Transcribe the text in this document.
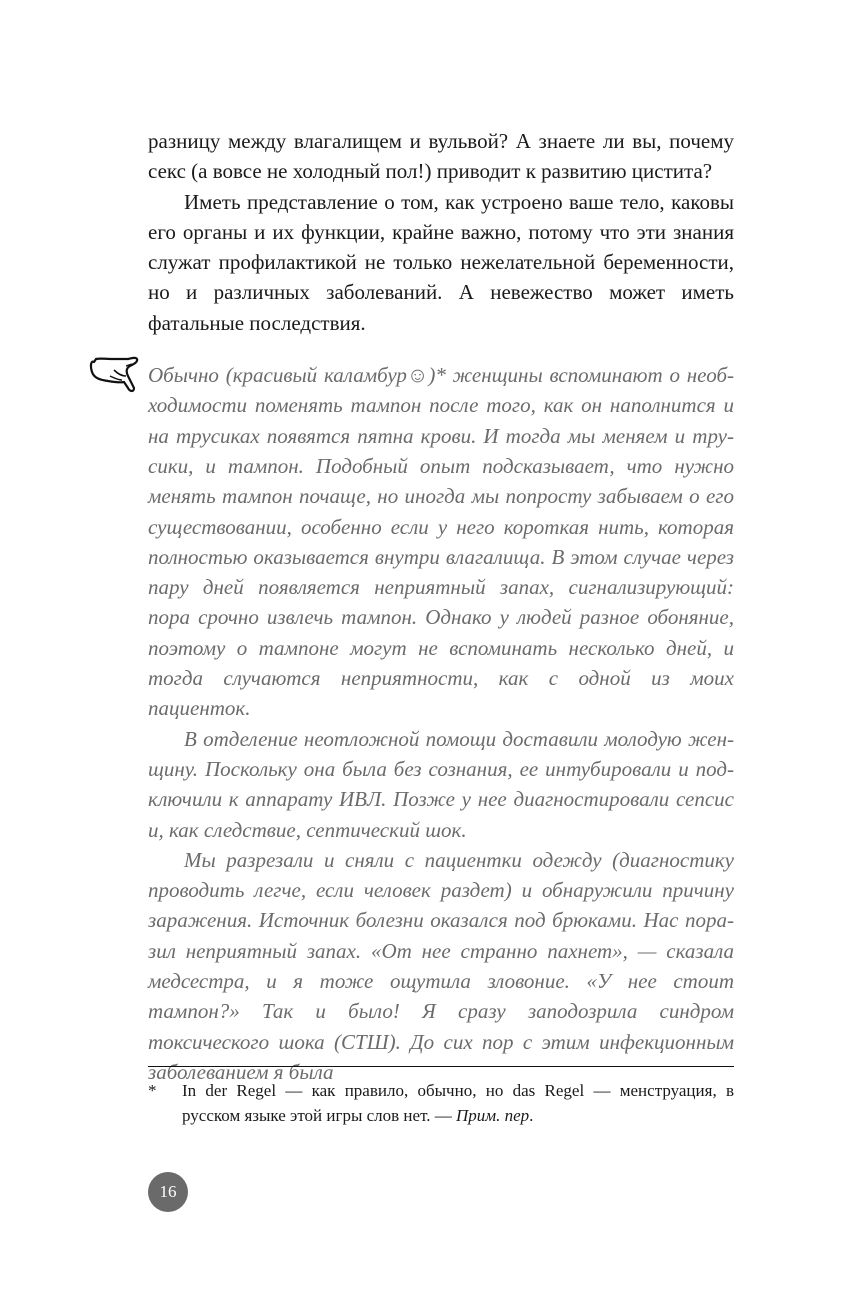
разницу между влагалищем и вульвой? А знаете ли вы, почему секс (а вовсе не холодный пол!) приводит к развитию цистита?

Иметь представление о том, как устроено ваше тело, каковы его органы и их функции, крайне важно, потому что эти знания служат профилактикой не только нежелательной беременности, но и различных заболеваний. А невежество может иметь фатальные последствия.

Обычно (красивый каламбур☺)* женщины вспоминают о необходимости поменять тампон после того, как он наполнится и на трусиках появятся пятна крови. И тогда мы меняем и трусики, и тампон. Подобный опыт подсказывает, что нужно менять тампон почаще, но иногда мы попросту забываем о его существовании, особенно если у него короткая нить, которая полностью оказывается внутри влагалища. В этом случае через пару дней появляется неприятный запах, сигнализирующий: пора срочно извлечь тампон. Однако у людей разное обоняние, поэтому о тампоне могут не вспоминать несколько дней, и тогда случаются неприятности, как с одной из моих пациенток.

В отделение неотложной помощи доставили молодую женщину. Поскольку она была без сознания, ее интубировали и подключили к аппарату ИВЛ. Позже у нее диагностировали сепсис и, как следствие, септический шок.

Мы разрезали и сняли с пациентки одежду (диагностику проводить легче, если человек раздет) и обнаружили причину заражения. Источник болезни оказался под брюками. Нас поразил неприятный запах. «От нее странно пахнет», — сказала медсестра, и я тоже ощутила зловоние. «У нее стоит тампон?» Так и было! Я сразу заподозрила синдром токсического шока (СТШ). До сих пор с этим инфекционным заболеванием я была

*	In der Regel — как правило, обычно, но das Regel — менструация, в русском языке этой игры слов нет. — Прим. пер.
16
